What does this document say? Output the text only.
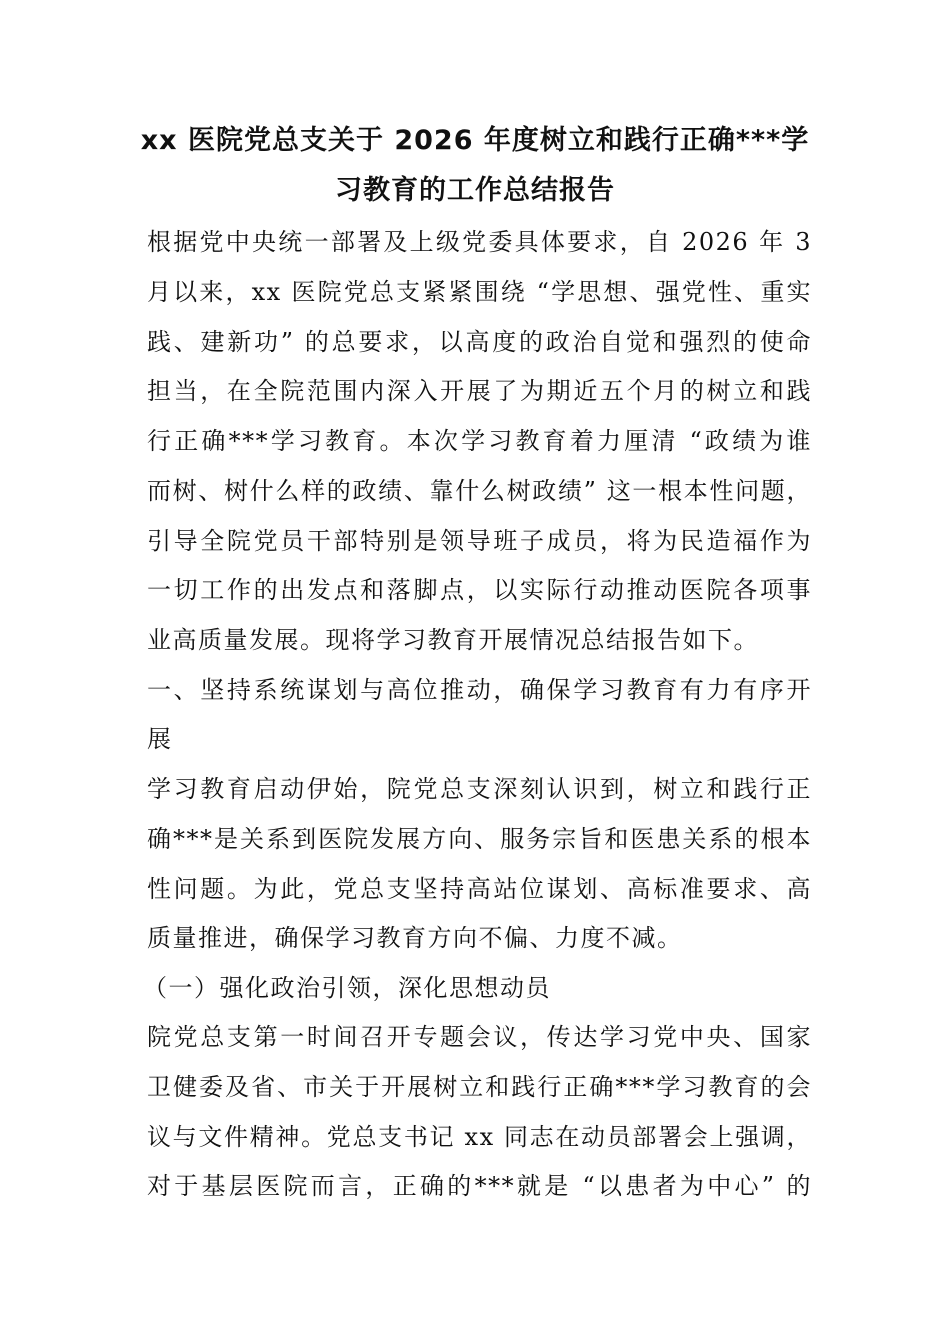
xx 医院党总支关于 2026 年度树立和践行正确***学
习教育的工作总结报告
根据党中央统一部署及上级党委具体要求，自 2026 年 3
月以来，xx 医院党总支紧紧围绕 “学思想、强党性、重实
践、建新功” 的总要求，以高度的政治自觉和强烈的使命
担当，在全院范围内深入开展了为期近五个月的树立和践
行正确***学习教育。本次学习教育着力厘清 “政绩为谁
而树、树什么样的政绩、靠什么树政绩” 这一根本性问题，
引导全院党员干部特别是领导班子成员，将为民造福作为
一切工作的出发点和落脚点，以实际行动推动医院各项事
业高质量发展。现将学习教育开展情况总结报告如下。
一、坚持系统谋划与高位推动，确保学习教育有力有序开
展
学习教育启动伊始，院党总支深刻认识到，树立和践行正
确***是关系到医院发展方向、服务宗旨和医患关系的根本
性问题。为此，党总支坚持高站位谋划、高标准要求、高
质量推进，确保学习教育方向不偏、力度不减。
（一）强化政治引领，深化思想动员
院党总支第一时间召开专题会议，传达学习党中央、国家
卫健委及省、市关于开展树立和践行正确***学习教育的会
议与文件精神。党总支书记 xx 同志在动员部署会上强调，
对于基层医院而言，正确的***就是 “以患者为中心” 的
